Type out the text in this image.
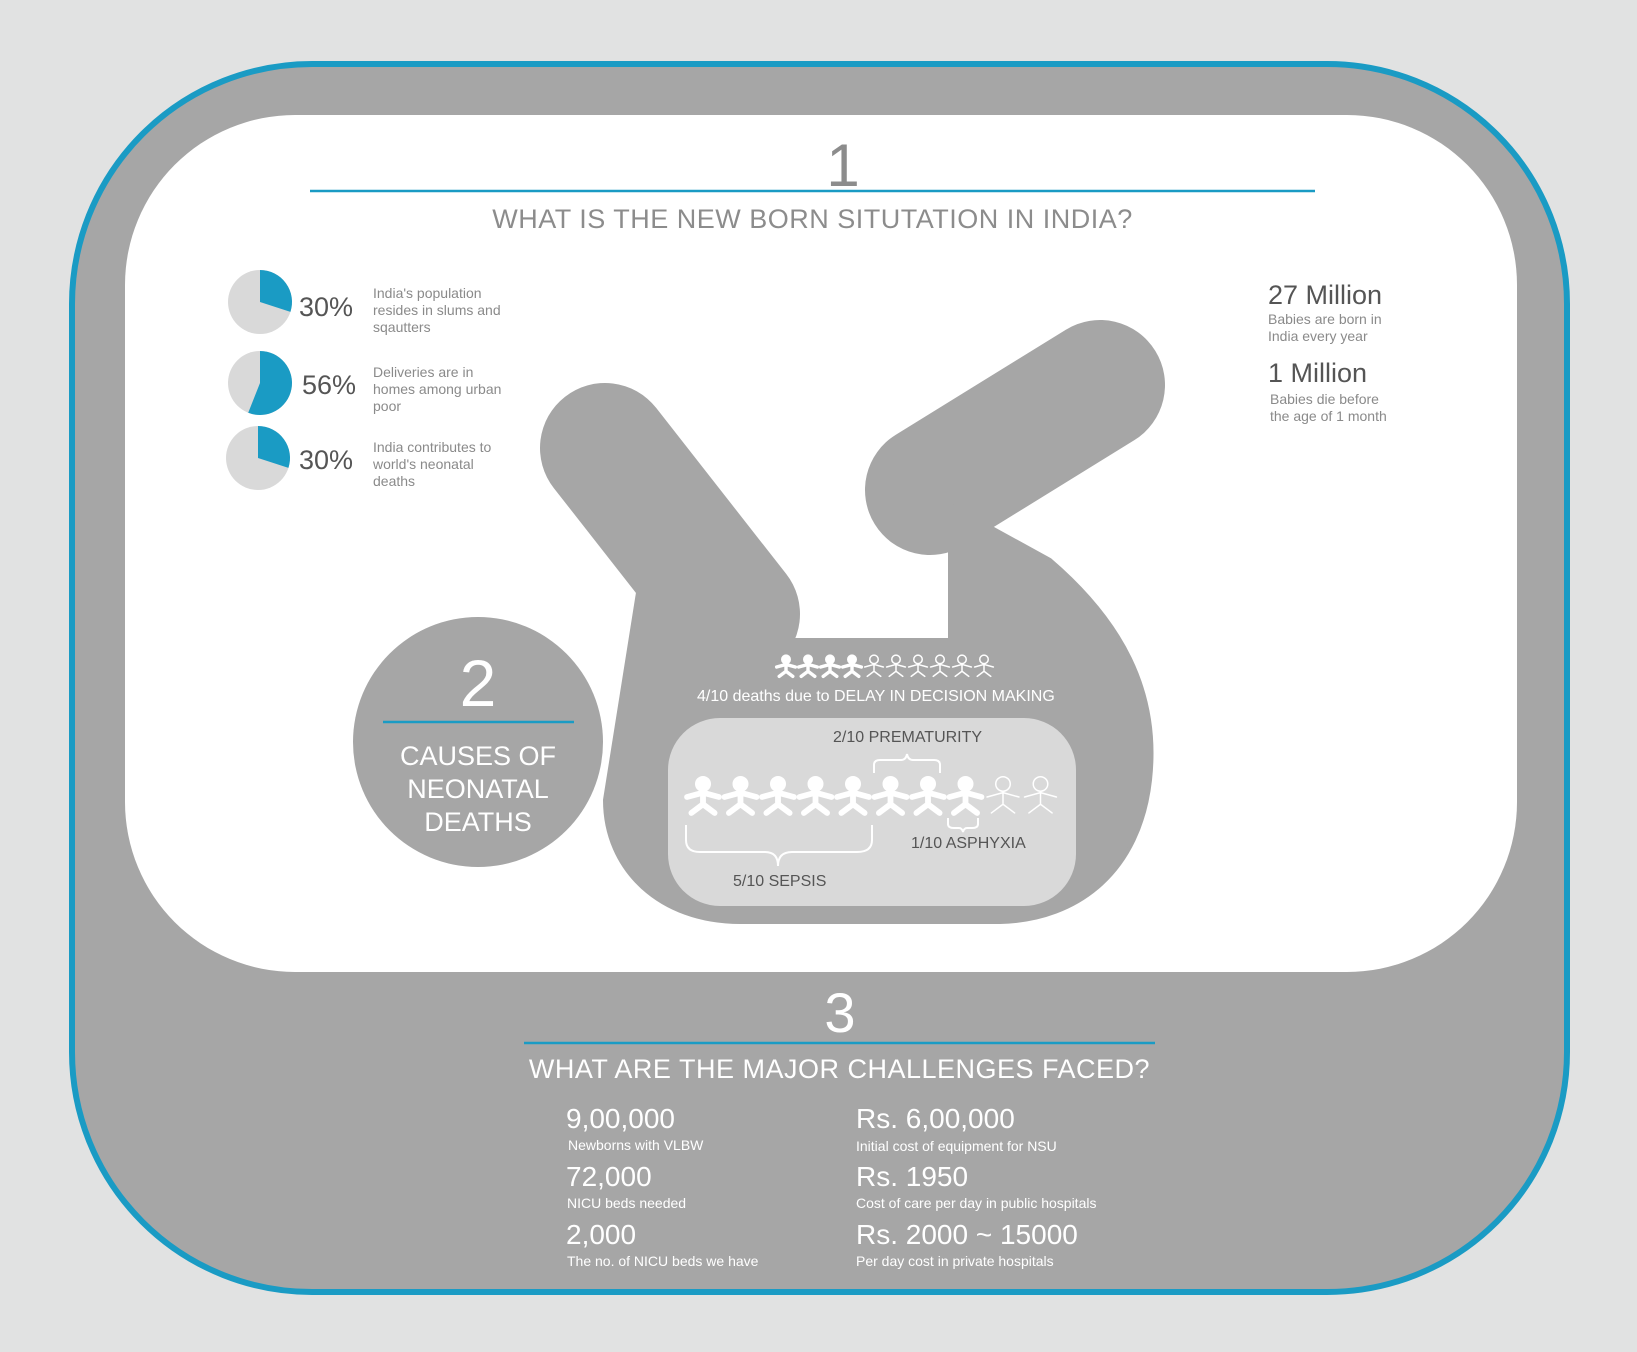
1
WHAT IS THE NEW BORN SITUTATION IN INDIA?
30% India's population resides in slums and sqautters
56% Deliveries are in homes among urban poor
30% India contributes to world's neonatal deaths
27 Million
Babies are born in India every year
1 Million
Babies die before the age of 1 month
2
CAUSES OF NEONATAL DEATHS
4/10 deaths due to DELAY IN DECISION MAKING
2/10 PREMATURITY
1/10 ASPHYXIA
5/10 SEPSIS
3
WHAT ARE THE MAJOR CHALLENGES FACED?
9,00,000
Newborns with VLBW
72,000
NICU beds needed
2,000
The no. of NICU beds we have
Rs. 6,00,000
Initial cost of equipment for NSU
Rs. 1950
Cost of care per day in public hospitals
Rs. 2000 ~ 15000
Per day cost in private hospitals
